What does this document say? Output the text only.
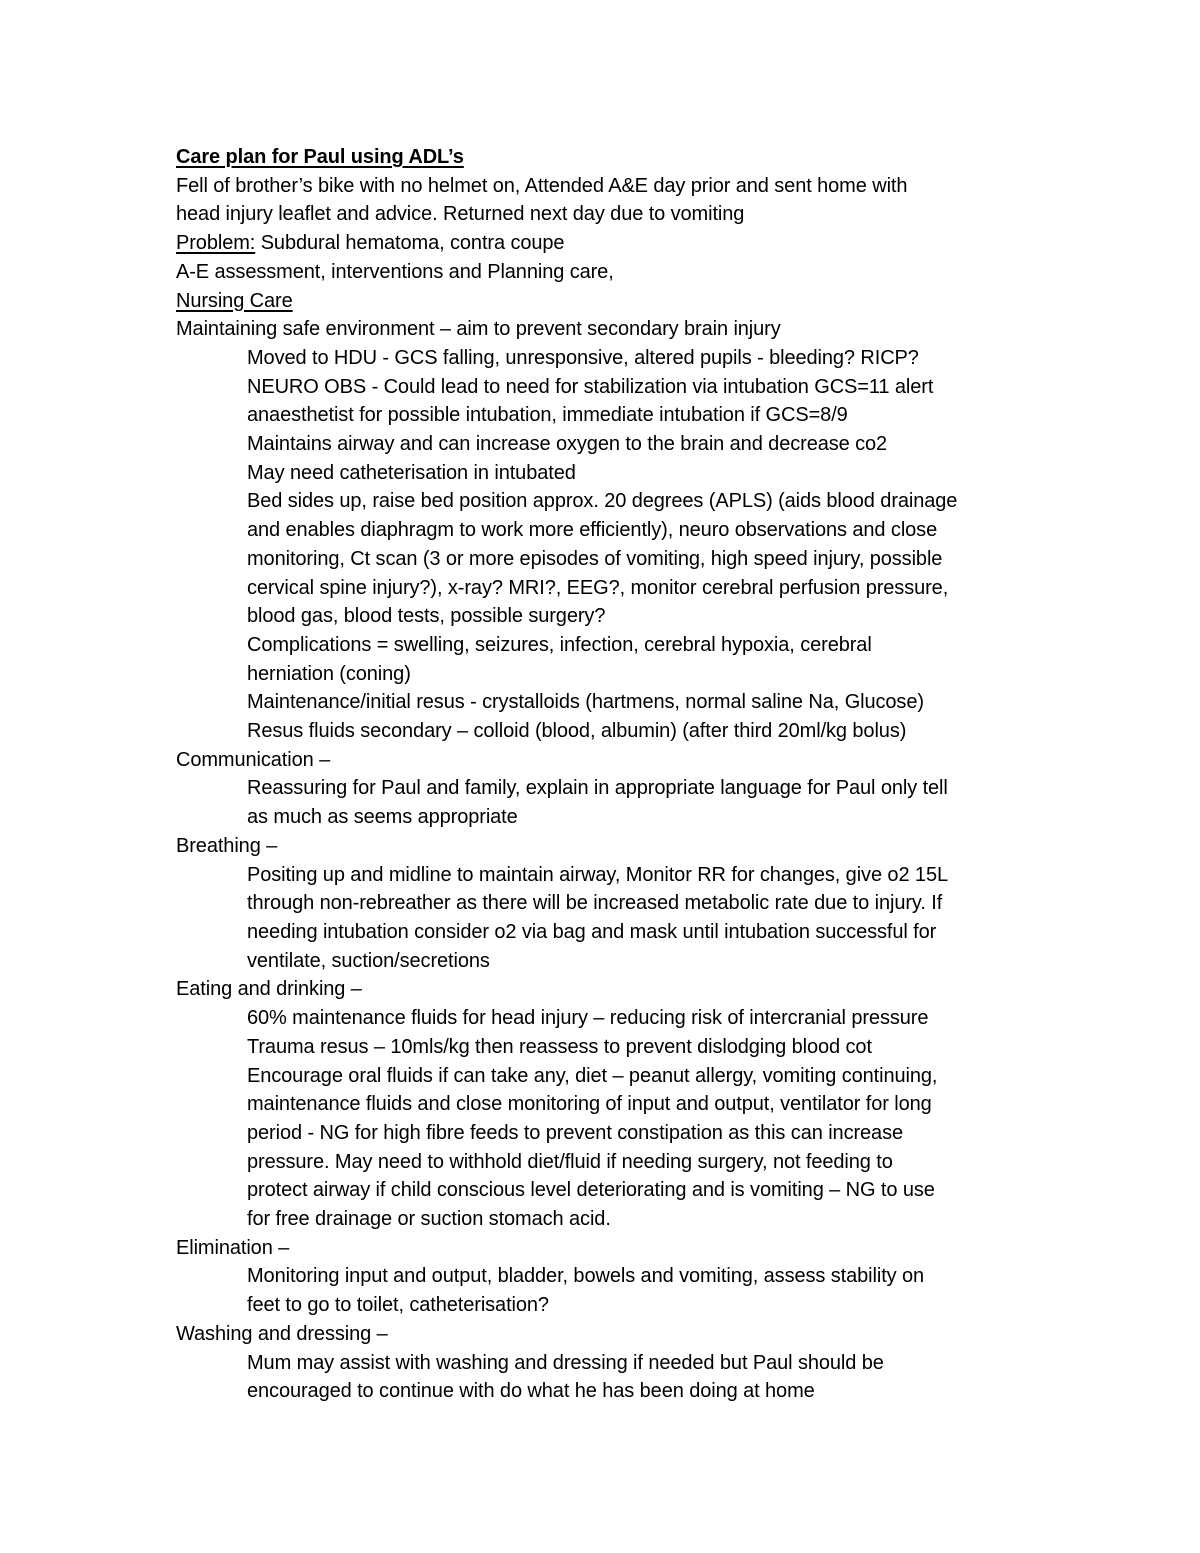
Care plan for Paul using ADL’s
Fell of brother’s bike with no helmet on, Attended A&E day prior and sent home with
head injury leaflet and advice. Returned next day due to vomiting
Problem: Subdural hematoma, contra coupe
A-E assessment, interventions and Planning care,
Nursing Care
Maintaining safe environment – aim to prevent secondary brain injury
Moved to HDU - GCS falling, unresponsive, altered pupils - bleeding? RICP?
NEURO OBS - Could lead to need for stabilization via intubation GCS=11 alert
anaesthetist for possible intubation, immediate intubation if GCS=8/9
Maintains airway and can increase oxygen to the brain and decrease co2
May need catheterisation in intubated
Bed sides up, raise bed position approx. 20 degrees (APLS) (aids blood drainage
and enables diaphragm to work more efficiently), neuro observations and close
monitoring, Ct scan (3 or more episodes of vomiting, high speed injury, possible
cervical spine injury?), x-ray? MRI?, EEG?, monitor cerebral perfusion pressure,
blood gas, blood tests, possible surgery?
Complications = swelling, seizures, infection, cerebral hypoxia, cerebral
herniation (coning)
Maintenance/initial resus - crystalloids (hartmens, normal saline Na, Glucose)
Resus fluids secondary – colloid (blood, albumin) (after third 20ml/kg bolus)
Communication –
Reassuring for Paul and family, explain in appropriate language for Paul only tell
as much as seems appropriate
Breathing –
Positing up and midline to maintain airway, Monitor RR for changes, give o2 15L
through non-rebreather as there will be increased metabolic rate due to injury. If
needing intubation consider o2 via bag and mask until intubation successful for
ventilate, suction/secretions
Eating and drinking –
60% maintenance fluids for head injury – reducing risk of intercranial pressure
Trauma resus – 10mls/kg then reassess to prevent dislodging blood cot
Encourage oral fluids if can take any, diet – peanut allergy, vomiting continuing,
maintenance fluids and close monitoring of input and output, ventilator for long
period - NG for high fibre feeds to prevent constipation as this can increase
pressure. May need to withhold diet/fluid if needing surgery, not feeding to
protect airway if child conscious level deteriorating and is vomiting – NG to use
for free drainage or suction stomach acid.
Elimination –
Monitoring input and output, bladder, bowels and vomiting, assess stability on
feet to go to toilet, catheterisation?
Washing and dressing –
Mum may assist with washing and dressing if needed but Paul should be
encouraged to continue with do what he has been doing at home
